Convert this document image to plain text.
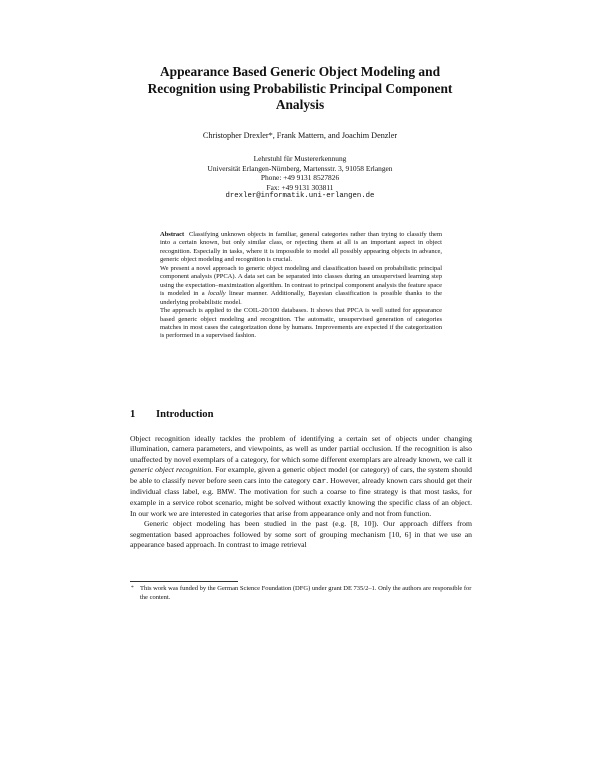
Appearance Based Generic Object Modeling and
Recognition using Probabilistic Principal Component
Analysis
Christopher Drexler*, Frank Mattern, and Joachim Denzler
Lehrstuhl für Mustererkennung
Universität Erlangen-Nürnberg, Martensstr. 3, 91058 Erlangen
Phone: +49 9131 8527826
Fax: +49 9131 303811
drexler@informatik.uni-erlangen.de

Abstract Classifying unknown objects in familiar, general categories rather than trying to classify them into a certain known, but only similar class, or rejecting them at all is an important aspect in object recognition. Especially in tasks, where it is impossible to model all possibly appearing objects in advance, generic object modeling and recognition is crucial.

We present a novel approach to generic object modeling and classification based on probabilistic principal component analysis (PPCA). A data set can be separated into classes during an unsupervised learning step using the expectation–maximization algorithm. In contrast to principal component analysis the feature space is modeled in a locally linear manner. Additionally, Bayesian classification is possible thanks to the underlying probabilistic model.

The approach is applied to the COIL-20/100 databases. It shows that PPCA is well suited for appearance based generic object modeling and recognition. The automatic, unsupervised generation of categories matches in most cases the categorization done by humans. Improvements are expected if the categorization is performed in a supervised fashion.

1 Introduction

Object recognition ideally tackles the problem of identifying a certain set of objects under changing illumination, camera parameters, and viewpoints, as well as under partial occlusion. If the recognition is also unaffected by novel exemplars of a category, for which some different exemplars are already known, we call it generic object recognition. For example, given a generic object model (or category) of cars, the system should be able to classify never before seen cars into the category car. However, already known cars should get their individual class label, e.g. BMW. The motivation for such a coarse to fine strategy is that most tasks, for example in a service robot scenario, might be solved without exactly knowing the specific class of an object. In our work we are interested in categories that arise from appearance only and not from function.

Generic object modeling has been studied in the past (e.g. [8, 10]). Our approach differs from segmentation based approaches followed by some sort of grouping mechanism [10, 6] in that we use an appearance based approach. In contrast to image retrieval

* This work was funded by the German Science Foundation (DFG) under grant DE 735/2–1. Only the authors are responsible for the content.
